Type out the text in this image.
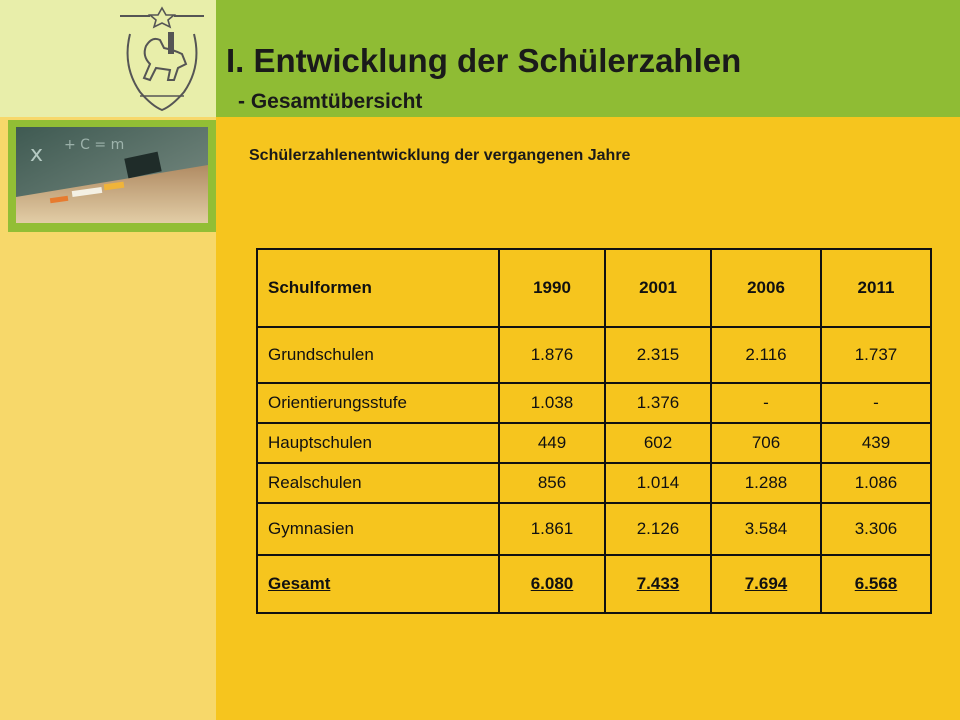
x + C = m
I. Entwicklung der Schülerzahlen
- Gesamtübersicht
Schülerzahlenentwicklung der vergangenen Jahre
Schulformen	1990	2001	2006	2011
Grundschulen	1.876	2.315	2.116	1.737
Orientierungsstufe	1.038	1.376	-	-
Hauptschulen	449	602	706	439
Realschulen	856	1.014	1.288	1.086
Gymnasien	1.861	2.126	3.584	3.306
Gesamt	6.080	7.433	7.694	6.568
